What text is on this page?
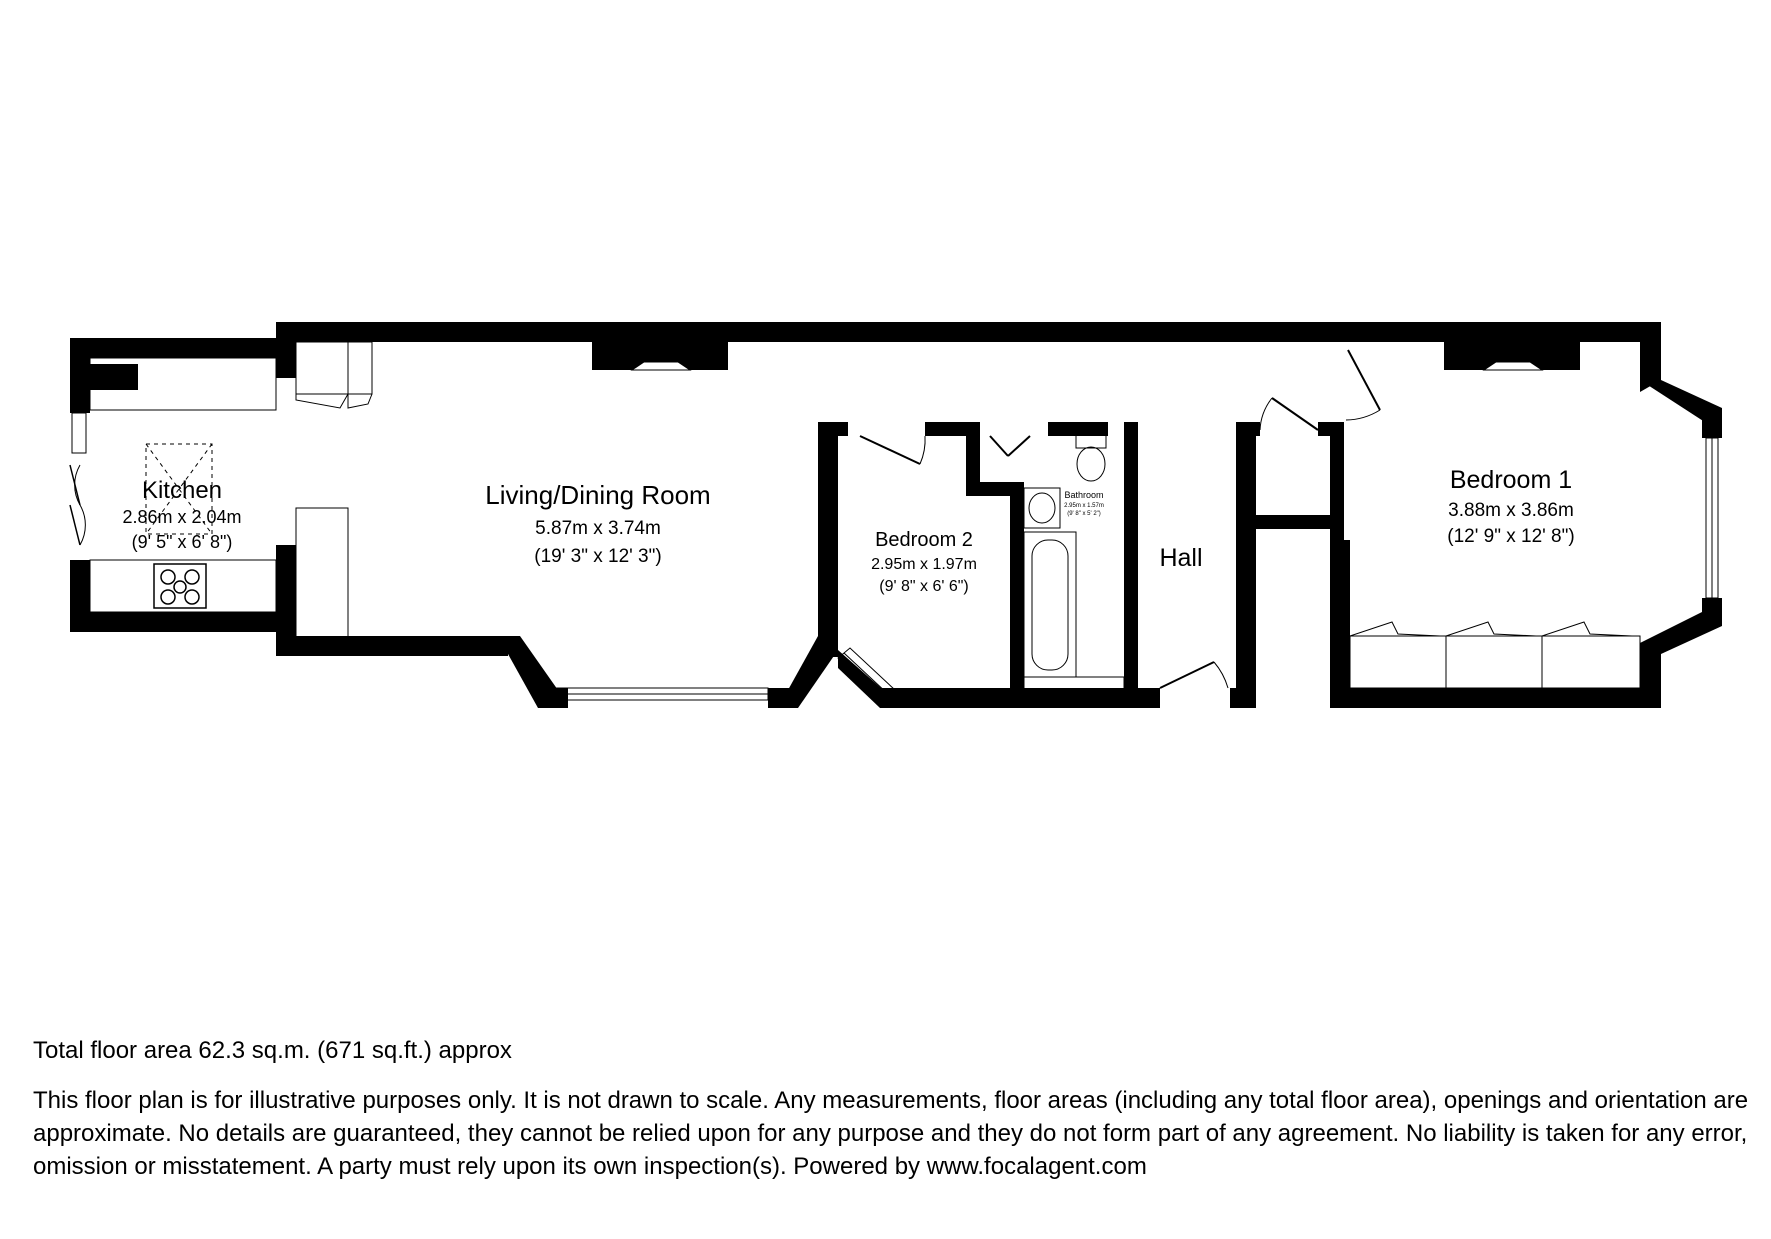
Kitchen
2.86m x 2.04m
(9' 5" x 6' 8")
Living/Dining Room
5.87m x 3.74m
(19' 3" x 12' 3")
Bedroom 2
2.95m x 1.97m
(9' 8" x 6' 6")
Bathroom
2.95m x 1.57m
(9' 8" x 5' 2")
Hall
Bedroom 1
3.88m x 3.86m
(12' 9" x 12' 8")
Total floor area 62.3 sq.m. (671 sq.ft.) approx
This floor plan is for illustrative purposes only. It is not drawn to scale. Any measurements, floor areas (including any total floor area), openings and orientation are approximate. No details are guaranteed, they cannot be relied upon for any purpose and they do not form part of any agreement. No liability is taken for any error, omission or misstatement. A party must rely upon its own inspection(s). Powered by www.focalagent.com
